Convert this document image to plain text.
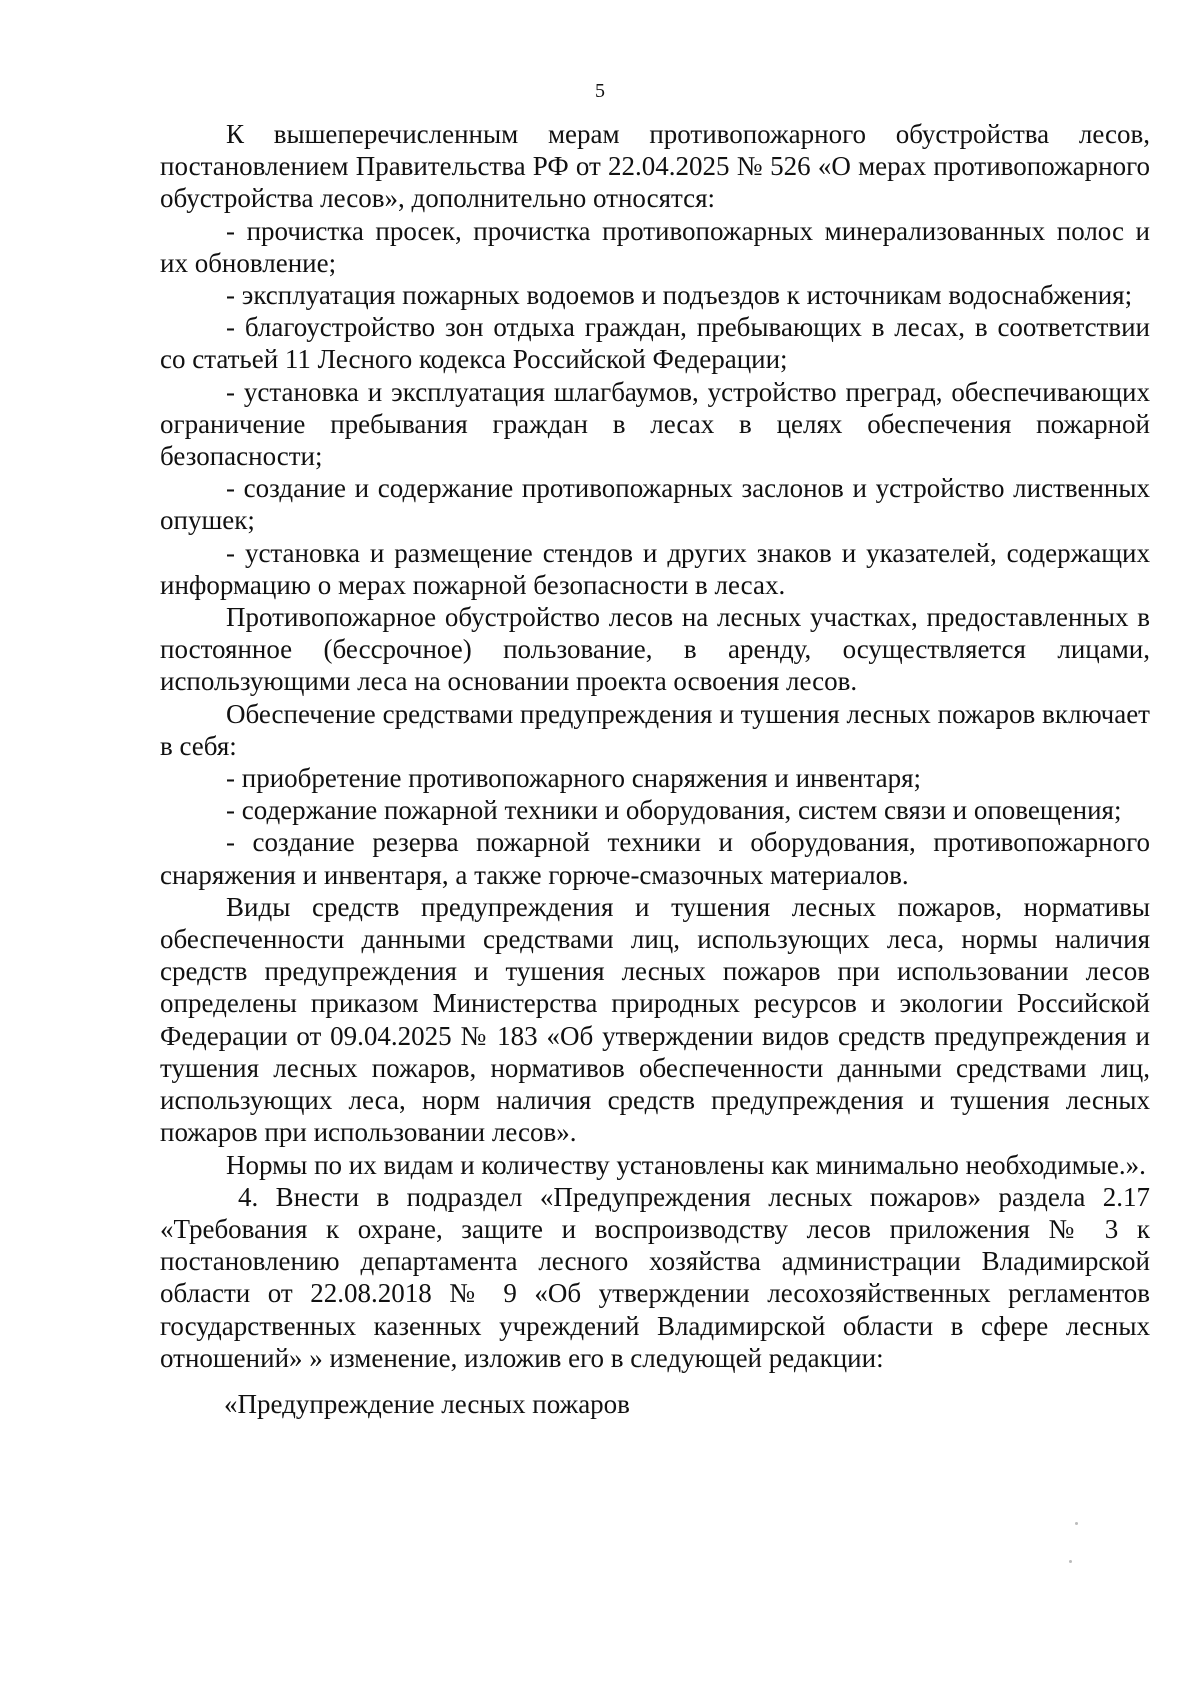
5

К вышеперечисленным мерам противопожарного обустройства лесов, постановлением Правительства РФ от 22.04.2025 № 526 «О мерах противопожарного обустройства лесов», дополнительно относятся:

- прочистка просек, прочистка противопожарных минерализованных полос и их обновление;

- эксплуатация пожарных водоемов и подъездов к источникам водоснабжения;

- благоустройство зон отдыха граждан, пребывающих в лесах, в соответствии со статьей 11 Лесного кодекса Российской Федерации;

- установка и эксплуатация шлагбаумов, устройство преград, обеспечивающих ограничение пребывания граждан в лесах в целях обеспечения пожарной безопасности;

- создание и содержание противопожарных заслонов и устройство лиственных опушек;

- установка и размещение стендов и других знаков и указателей, содержащих информацию о мерах пожарной безопасности в лесах.

Противопожарное обустройство лесов на лесных участках, предоставленных в постоянное (бессрочное) пользование, в аренду, осуществляется лицами, использующими леса на основании проекта освоения лесов.

Обеспечение средствами предупреждения и тушения лесных пожаров включает в себя:

- приобретение противопожарного снаряжения и инвентаря;

- содержание пожарной техники и оборудования, систем связи и оповещения;

- создание резерва пожарной техники и оборудования, противопожарного снаряжения и инвентаря, а также горюче-смазочных материалов.

Виды средств предупреждения и тушения лесных пожаров, нормативы обеспеченности данными средствами лиц, использующих леса, нормы наличия средств предупреждения и тушения лесных пожаров при использовании лесов определены приказом Министерства природных ресурсов и экологии Российской Федерации от 09.04.2025 № 183 «Об утверждении видов средств предупреждения и тушения лесных пожаров, нормативов обеспеченности данными средствами лиц, использующих леса, норм наличия средств предупреждения и тушения лесных пожаров при использовании лесов».

Нормы по их видам и количеству установлены как минимально необходимые.».

4. Внести в подраздел «Предупреждения лесных пожаров» раздела 2.17 «Требования к охране, защите и воспроизводству лесов приложения № 3 к постановлению департамента лесного хозяйства администрации Владимирской области от 22.08.2018 № 9 «Об утверждении лесохозяйственных регламентов государственных казенных учреждений Владимирской области в сфере лесных отношений» » изменение, изложив его в следующей редакции:

«Предупреждение лесных пожаров
